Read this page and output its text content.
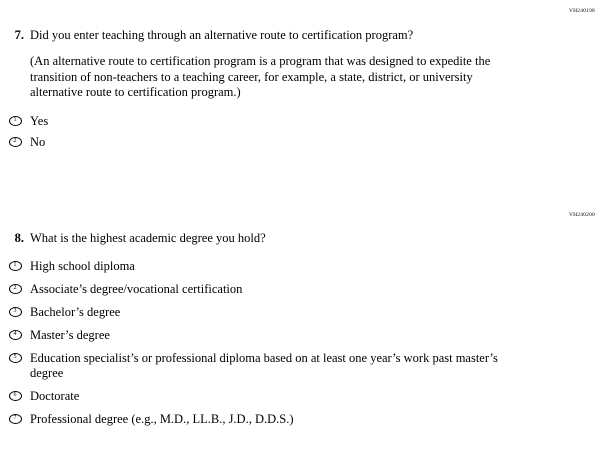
VH240198
7. Did you enter teaching through an alternative route to certification program?
(An alternative route to certification program is a program that was designed to expedite the transition of non-teachers to a teaching career, for example, a state, district, or university alternative route to certification program.)
1	Yes
2	No
VH240200
8. What is the highest academic degree you hold?
1	High school diploma
2	Associate’s degree/vocational certification
3	Bachelor’s degree
4	Master’s degree
5	Education specialist’s or professional diploma based on at least one year’s work past master’s
degree
6	Doctorate
7	Professional degree (e.g., M.D., LL.B., J.D., D.D.S.)
